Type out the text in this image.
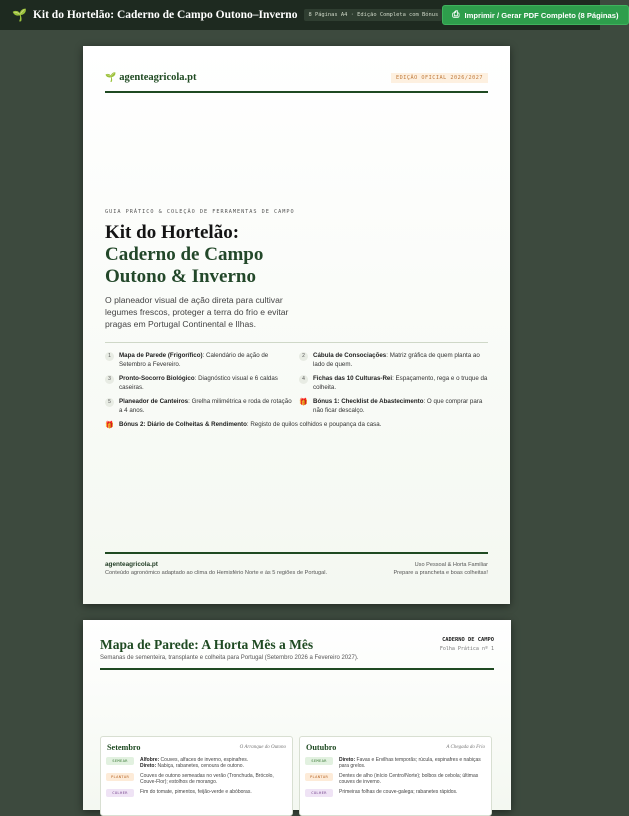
🌱 Kit do Hortelão: Caderno de Campo Outono–Inverno	8 Páginas A4 · Edição Completa com Bónus	⎙ Imprimir / Gerar PDF Completo (8 Páginas)
🌱 agenteagricola.pt	EDIÇÃO OFICIAL 2026/2027
GUIA PRÁTICO & COLEÇÃO DE FERRAMENTAS DE CAMPO
Kit do Hortelão:
Caderno de Campo
Outono & Inverno
O planeador visual de ação direta para cultivar legumes frescos, proteger a terra do frio e evitar pragas em Portugal Continental e Ilhas.
1	Mapa de Parede (Frigorífico): Calendário de ação de Setembro a Fevereiro.
2	Cábula de Consociações: Matriz gráfica de quem planta ao lado de quem.
3	Pronto-Socorro Biológico: Diagnóstico visual e 6 caldas caseiras.
4	Fichas das 10 Culturas-Rei: Espaçamento, rega e o truque da colheita.
5	Planeador de Canteiros: Grelha milimétrica e roda de rotação a 4 anos.
🎁 Bónus 1: Checklist de Abastecimento: O que comprar para não ficar descalço.
🎁 Bónus 2: Diário de Colheitas & Rendimento: Registo de quilos colhidos e poupança da casa.
agenteagricola.pt
Conteúdo agronómico adaptado ao clima do Hemisfério Norte e às 5 regiões de Portugal.
Uso Pessoal & Horta Familiar
Prepare a prancheta e boas colheitas!
Mapa de Parede: A Horta Mês a Mês
Semanas de sementeira, transplante e colheita para Portugal (Setembro 2026 a Fevereiro 2027).
CADERNO DE CAMPO
Folha Prática nº 1
Setembro	O Arranque do Outono
SEMEAR	Alfobre: Couves, alfaces de inverno, espinafres.
Direto: Nabiça, rabanetes, cenoura de outono.
PLANTAR	Couves de outono semeadas no verão (Tronchuda, Brócolo, Couve-Flor); estolhos de morango.
COLHER	Fim do tomate, pimentos, feijão-verde e abóboras.
Outubro	A Chegada do Frio
SEMEAR	Direto: Favas e Ervilhas temporãs; rúcula, espinafres e nabiças para grelos.
PLANTAR	Dentes de alho (início Centro/Norte); bolbos de cebola; últimas couves de inverno.
COLHER	Primeiras folhas de couve-galega; rabanetes rápidos.
